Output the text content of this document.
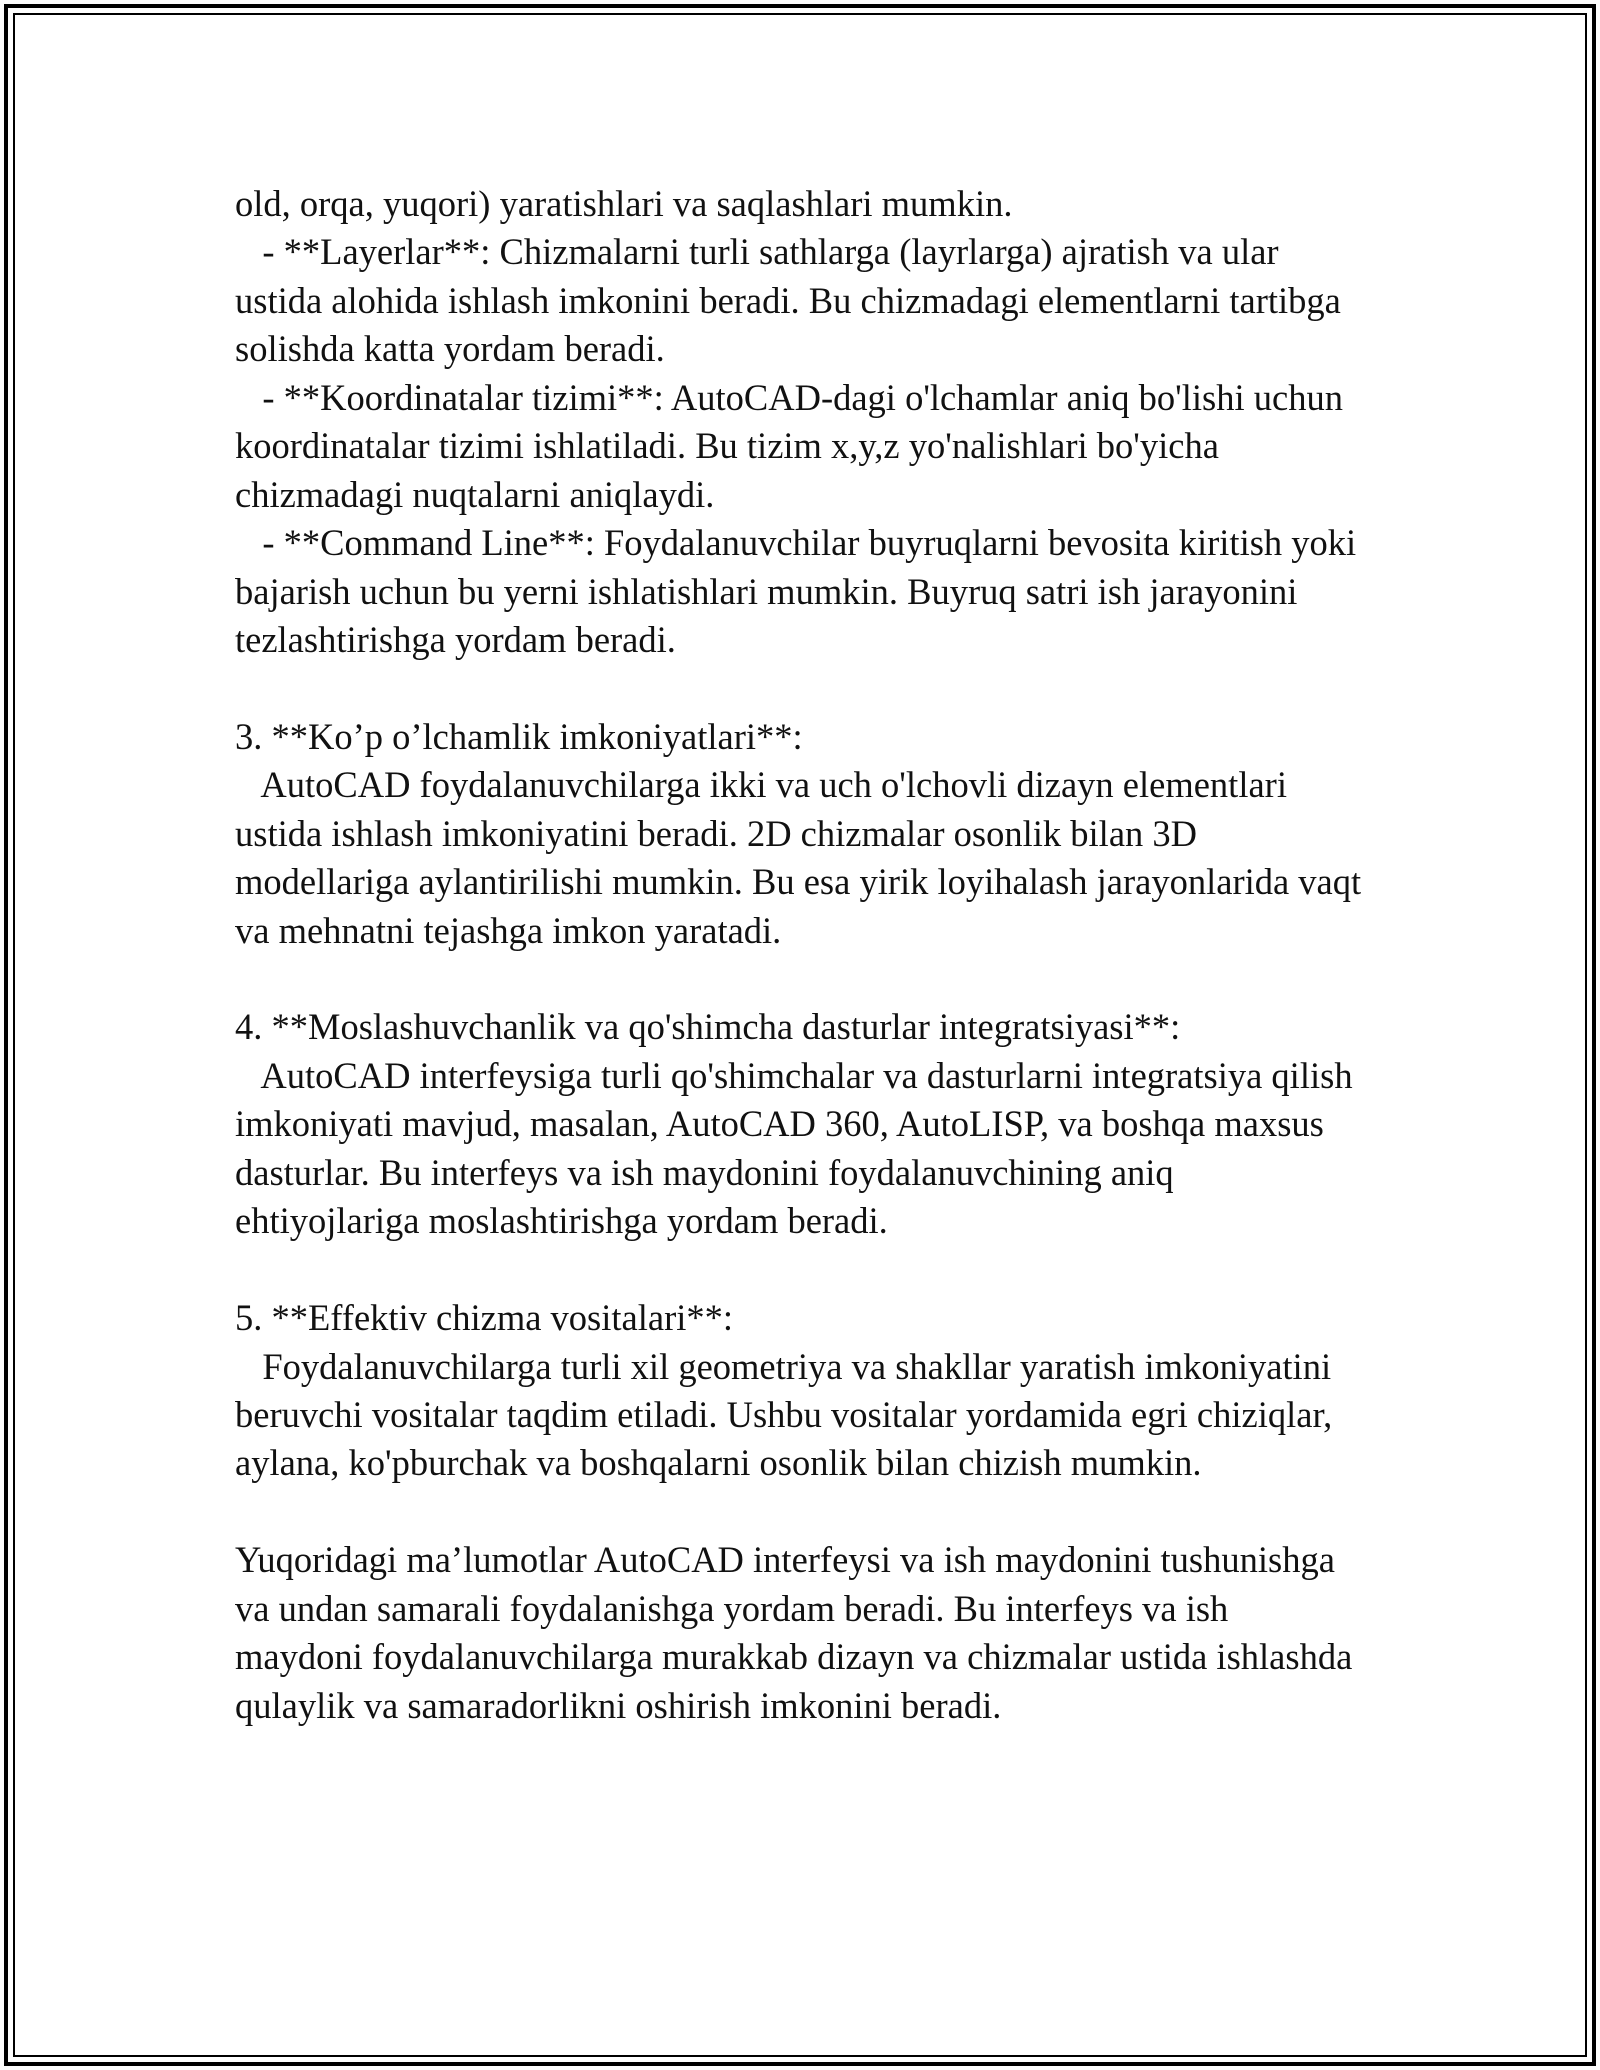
old, orqa, yuqori) yaratishlari va saqlashlari mumkin.
- **Layerlar**: Chizmalarni turli sathlarga (layrlarga) ajratish va ular
ustida alohida ishlash imkonini beradi. Bu chizmadagi elementlarni tartibga
solishda katta yordam beradi.
- **Koordinatalar tizimi**: AutoCAD-dagi o'lchamlar aniq bo'lishi uchun
koordinatalar tizimi ishlatiladi. Bu tizim x,y,z yo'nalishlari bo'yicha
chizmadagi nuqtalarni aniqlaydi.
- **Command Line**: Foydalanuvchilar buyruqlarni bevosita kiritish yoki
bajarish uchun bu yerni ishlatishlari mumkin. Buyruq satri ish jarayonini
tezlashtirishga yordam beradi.
3. **Ko’p o’lchamlik imkoniyatlari**:
AutoCAD foydalanuvchilarga ikki va uch o'lchovli dizayn elementlari
ustida ishlash imkoniyatini beradi. 2D chizmalar osonlik bilan 3D
modellariga aylantirilishi mumkin. Bu esa yirik loyihalash jarayonlarida vaqt
va mehnatni tejashga imkon yaratadi.
4. **Moslashuvchanlik va qo'shimcha dasturlar integratsiyasi**:
AutoCAD interfeysiga turli qo'shimchalar va dasturlarni integratsiya qilish
imkoniyati mavjud, masalan, AutoCAD 360, AutoLISP, va boshqa maxsus
dasturlar. Bu interfeys va ish maydonini foydalanuvchining aniq
ehtiyojlariga moslashtirishga yordam beradi.
5. **Effektiv chizma vositalari**:
Foydalanuvchilarga turli xil geometriya va shakllar yaratish imkoniyatini
beruvchi vositalar taqdim etiladi. Ushbu vositalar yordamida egri chiziqlar,
aylana, ko'pburchak va boshqalarni osonlik bilan chizish mumkin.
Yuqoridagi ma’lumotlar AutoCAD interfeysi va ish maydonini tushunishga
va undan samarali foydalanishga yordam beradi. Bu interfeys va ish
maydoni foydalanuvchilarga murakkab dizayn va chizmalar ustida ishlashda
qulaylik va samaradorlikni oshirish imkonini beradi.
